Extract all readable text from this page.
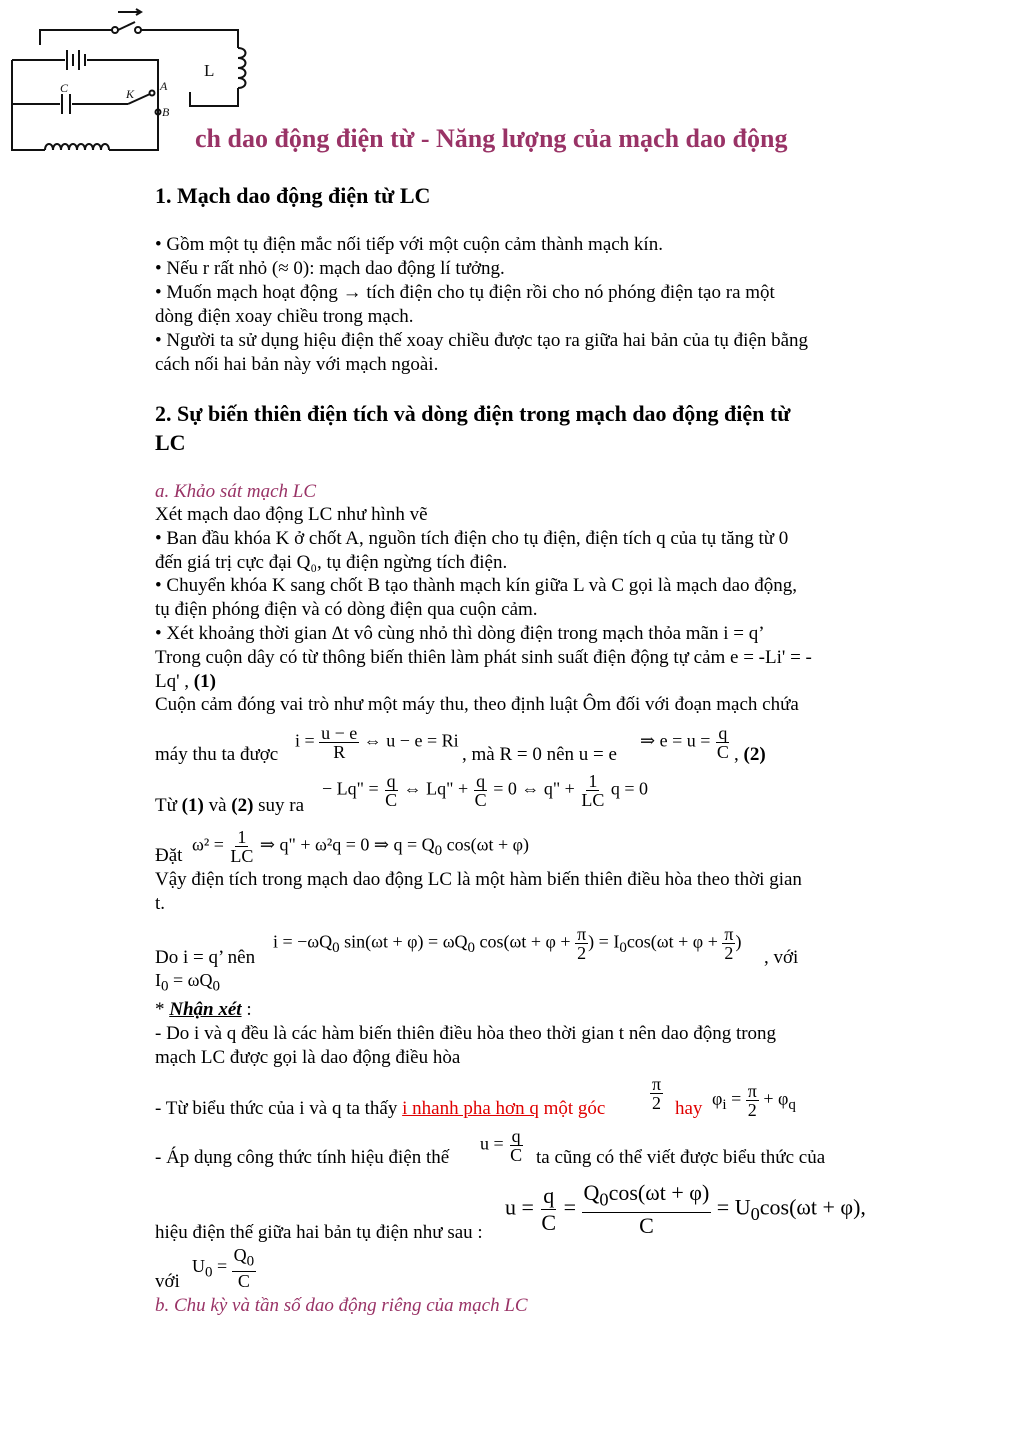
L
K
A
B
C
ch dao động điện từ - Năng lượng của mạch dao động
1. Mạch dao động điện từ LC
• Gồm một tụ điện mắc nối tiếp với một cuộn cảm thành mạch kín.
• Nếu r rất nhỏ (≈ 0): mạch dao động lí tưởng.
• Muốn mạch hoạt động → tích điện cho tụ điện rồi cho nó phóng điện tạo ra một
dòng điện xoay chiều trong mạch.
• Người ta sử dụng hiệu điện thế xoay chiều được tạo ra giữa hai bản của tụ điện bằng
cách nối hai bản này với mạch ngoài.
2. Sự biến thiên điện tích và dòng điện trong mạch dao động điện từ
LC
a. Khảo sát mạch LC
Xét mạch dao động LC như hình vẽ
• Ban đầu khóa K ở chốt A, nguồn tích điện cho tụ điện, điện tích q của tụ tăng từ 0
đến giá trị cực đại Q₀, tụ điện ngừng tích điện.
• Chuyển khóa K sang chốt B tạo thành mạch kín giữa L và C gọi là mạch dao động,
tụ điện phóng điện và có dòng điện qua cuộn cảm.
• Xét khoảng thời gian Δt vô cùng nhỏ thì dòng điện trong mạch thỏa mãn i = q’
Trong cuộn dây có từ thông biến thiên làm phát sinh suất điện động tự cảm e = -Li' = -
Lq' , (1)
Cuộn cảm đóng vai trò như một máy thu, theo định luật Ôm đối với đoạn mạch chứa
máy thu ta được
$i = \frac{u - e}{R}$ ⇔ u − e = Ri
, mà R = 0 nên u = e
⇒ $e = u = \frac{q}{C}$ , (2)
Từ (1) và (2) suy ra
− Lq" = $\frac{q}{C}$ ⇔ Lq" + $\frac{q}{C} = 0$ ⇔ q" + $\frac{1}{LC}$ q = 0
Đặt
$\omega^2 = \frac{1}{LC}$ ⇒ q" + ω²q = 0 ⇒ $q = Q_0$ cos(ωt + φ)
Vậy điện tích trong mạch dao động LC là một hàm biến thiên điều hòa theo thời gian
t.
Do i = q’ nên
$i = -\omega Q_0$ $\sin(\omega t + \varphi) = \omega Q_0$ $\cos(\omega t + \varphi + \frac{\pi}{2}$ ) = $I_0\cos(\omega t + \varphi + \frac{\pi}{2}$ )
, với
$I_0 = \omega Q_0$
* Nhận xét :
- Do i và q đều là các hàm biến thiên điều hòa theo thời gian t nên dao động trong
mạch LC được gọi là dao động điều hòa
- Từ biểu thức của i và q ta thấy i nhanh pha hơn q một góc $\frac{\pi}{2}$ hay $\varphi_i = \frac{\pi}{2} + \varphi_q$
- Áp dụng công thức tính hiệu điện thế
$u = \frac{q}{C}$ ta cũng có thể viết được biểu thức của
$u = \frac{q}{C} = \frac{Q_0\cos(\omega t + \varphi)}{C} = U_0\cos(\omega t + \varphi)$,
hiệu điện thế giữa hai bản tụ điện như sau :
với
$U_0 = \frac{Q_0}{C}$
b. Chu kỳ và tần số dao động riêng của mạch LC
